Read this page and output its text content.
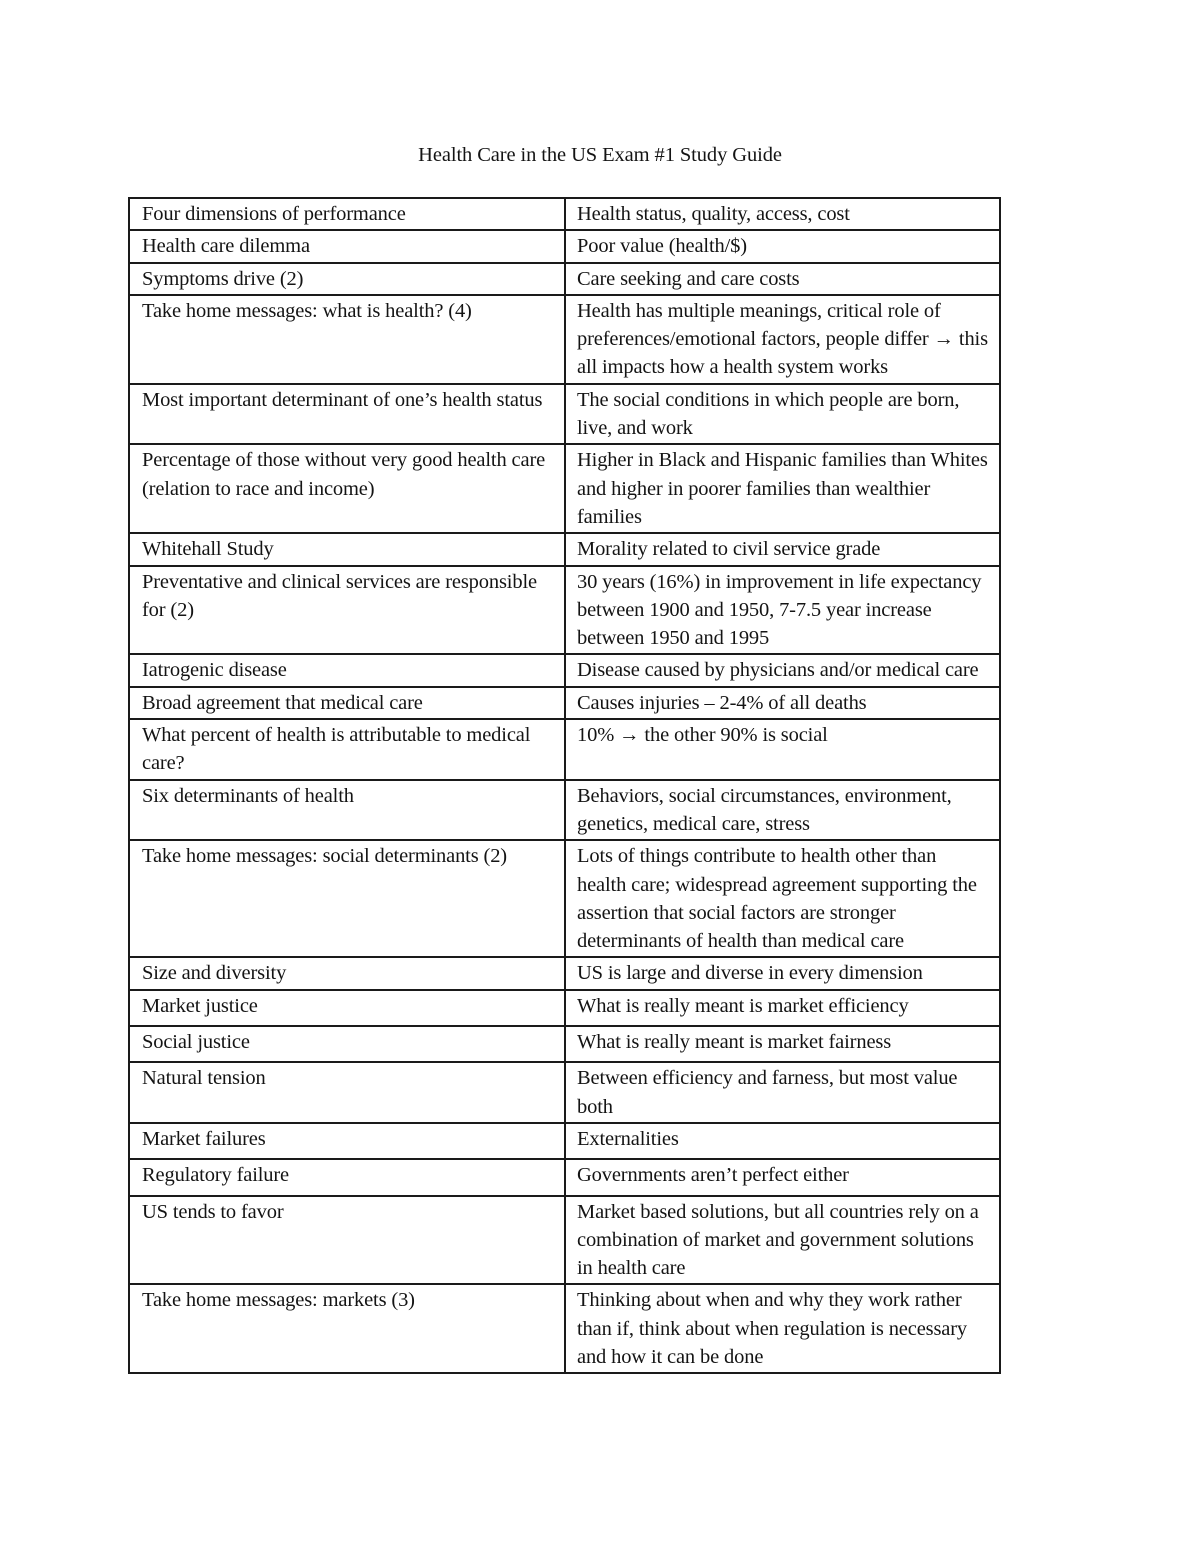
Health Care in the US Exam #1 Study Guide
Four dimensions of performance	Health status, quality, access, cost
Health care dilemma	Poor value (health/$)
Symptoms drive (2)	Care seeking and care costs
Take home messages: what is health? (4)	Health has multiple meanings, critical role of preferences/emotional factors, people differ → this all impacts how a health system works
Most important determinant of one’s health status	The social conditions in which people are born, live, and work
Percentage of those without very good health care (relation to race and income)	Higher in Black and Hispanic families than Whites and higher in poorer families than wealthier families
Whitehall Study	Morality related to civil service grade
Preventative and clinical services are responsible for (2)	30 years (16%) in improvement in life expectancy between 1900 and 1950, 7-7.5 year increase between 1950 and 1995
Iatrogenic disease	Disease caused by physicians and/or medical care
Broad agreement that medical care	Causes injuries – 2-4% of all deaths
What percent of health is attributable to medical care?	10% → the other 90% is social
Six determinants of health	Behaviors, social circumstances, environment, genetics, medical care, stress
Take home messages: social determinants (2)	Lots of things contribute to health other than health care; widespread agreement supporting the assertion that social factors are stronger determinants of health than medical care
Size and diversity	US is large and diverse in every dimension
Market justice	What is really meant is market efficiency
Social justice	What is really meant is market fairness
Natural tension	Between efficiency and farness, but most value both
Market failures	Externalities
Regulatory failure	Governments aren’t perfect either
US tends to favor	Market based solutions, but all countries rely on a combination of market and government solutions in health care
Take home messages: markets (3)	Thinking about when and why they work rather than if, think about when regulation is necessary and how it can be done
